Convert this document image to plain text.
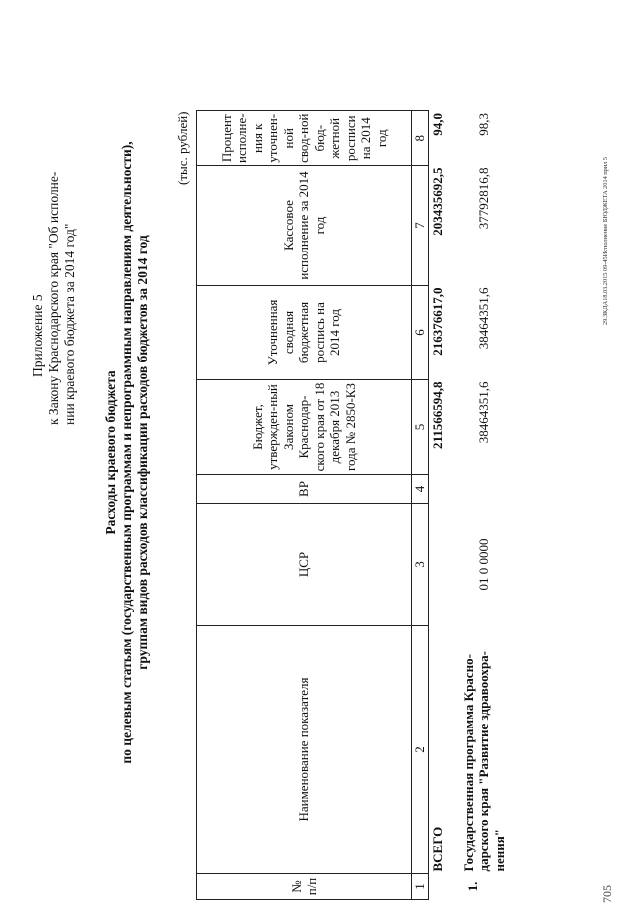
Приложение 5 к Закону Краснодарского края "Об исполне- нии краевого бюджета за 2014 год"
Расходы краевого бюджета по целевым статьям (государственным программам и непрограммным направлениям деятельности), группам видов расходов классификации расходов бюджетов за 2014 год
(тыс. рублей)
№ п/п	Наименование показателя	ЦСР	ВР	Бюджет, утвержден-ный Законом Краснодар-ского края от 18 декабря 2013 года № 2850-КЗ	Уточненная сводная бюджетная роспись на 2014 год	Кассовое исполнение за 2014 год	Процент исполне-ния к уточнен-ной свод-ной бюд-жетной росписи на 2014 год
1	2	3	4	5	6	7	8
	ВСЕГО			211566594,8	216376617,0	203435692,5	94,0
1.	Государственная программа Красно- дарского края "Развитие здравоохра- нения"	01 0 0000		38464351,6	38464351,6	37792816,8	98,3
29.ЗКДА18.03.2015 09-45Исполнение БЮДЖЕТА 2014 прил 5
705
